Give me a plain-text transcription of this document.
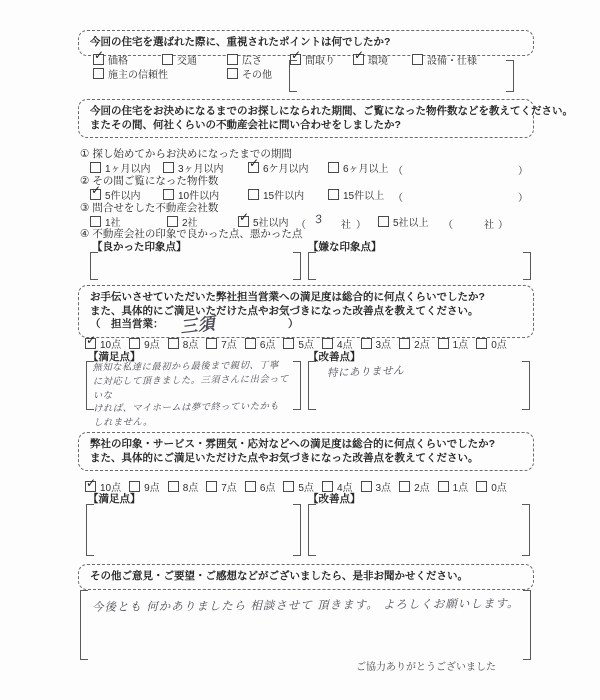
今回の住宅を選ばれた際に、重視されたポイントは何でしたか?
✓価格	交通	広さ ✓	間取り ✓	環境	設備・仕様
施主の信頼性	その他
今回の住宅をお決めになるまでのお探しになられた期間、ご覧になった物件数などを教えてください。
またその間、何社くらいの不動産会社に問い合わせをしましたか?
① 探し始めてからお決めになったまでの期間
1ヶ月以内	3ヶ月以内 ✓	6ケ月以内	6ヶ月以上 （	）
② その間ご覧になった物件数
✓5件以内	10件以内	15件以内	15件以上 （	）
③ 問合せをした不動産会社数
1社	2社 ✓	5社以内 （ 3 社 ）	5社以上 （	社 ）
④ 不動産会社の印象で良かった点、悪かった点
【良かった印象点】	【嫌な印象点】
お手伝いさせていただいた弊社担当営業への満足度は総合的に何点くらいでしたか?
また、具体的にご満足いただけた点やお気づきになった改善点を教えてください。
（　担当営業：	）
三須
✓10点	9点	8点	7点	6点	5点	4点	3点	2点	1点	0点
【満足点】	【改善点】
無知な私達に最初から最後まで親切、丁寧
に対応して頂きました。三須さんに出会っていな
ければ、マイホームは夢で終っていたかも
しれません。
特にありません
弊社の印象・サービス・雰囲気・応対などへの満足度は総合的に何点くらいでしたか?
また、具体的にご満足いただけた点やお気づきになった改善点を教えてください。
✓10点	9点	8点	7点	6点	5点	4点	3点	2点	1点	0点
【満足点】	【改善点】
その他ご意見・ご要望・ご感想などがございましたら、是非お聞かせください。
今後とも 何かありましたら 相談させて 頂きます。 よろしくお願いします。
ご協力ありがとうございました
